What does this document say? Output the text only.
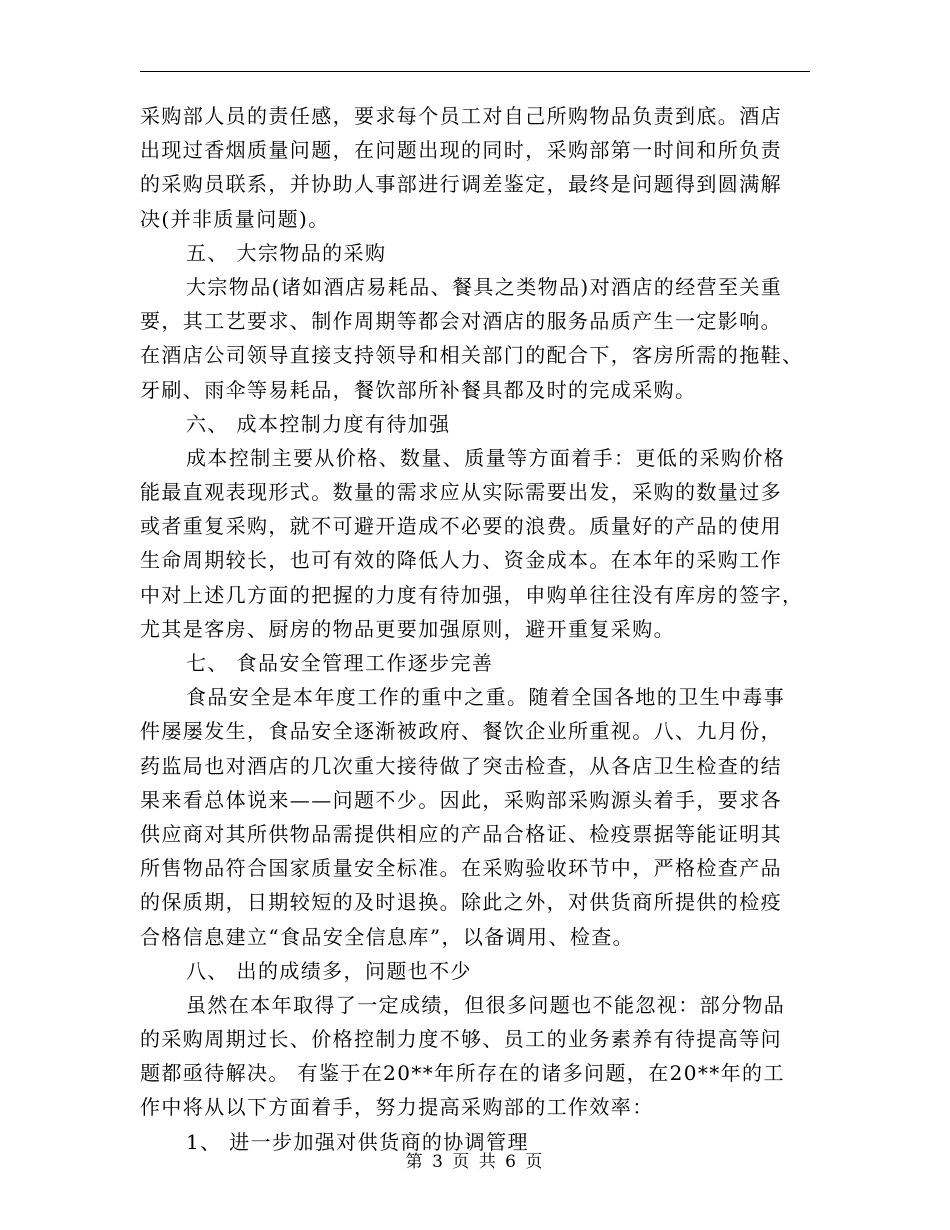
采购部人员的责任感，要求每个员工对自己所购物品负责到底。酒店
出现过香烟质量问题，在问题出现的同时，采购部第一时间和所负责
的采购员联系，并协助人事部进行调差鉴定，最终是问题得到圆满解
决(并非质量问题)。
五、 大宗物品的采购
大宗物品(诸如酒店易耗品、餐具之类物品)对酒店的经营至关重
要，其工艺要求、制作周期等都会对酒店的服务品质产生一定影响。
在酒店公司领导直接支持领导和相关部门的配合下，客房所需的拖鞋、
牙刷、雨伞等易耗品，餐饮部所补餐具都及时的完成采购。
六、 成本控制力度有待加强
成本控制主要从价格、数量、质量等方面着手：更低的采购价格
能最直观表现形式。数量的需求应从实际需要出发，采购的数量过多
或者重复采购，就不可避开造成不必要的浪费。质量好的产品的使用
生命周期较长，也可有效的降低人力、资金成本。在本年的采购工作
中对上述几方面的把握的力度有待加强，申购单往往没有库房的签字，
尤其是客房、厨房的物品更要加强原则，避开重复采购。
七、 食品安全管理工作逐步完善
食品安全是本年度工作的重中之重。随着全国各地的卫生中毒事
件屡屡发生，食品安全逐渐被政府、餐饮企业所重视。八、九月份，
药监局也对酒店的几次重大接待做了突击检查，从各店卫生检查的结
果来看总体说来——问题不少。因此，采购部采购源头着手，要求各
供应商对其所供物品需提供相应的产品合格证、检疫票据等能证明其
所售物品符合国家质量安全标准。在采购验收环节中，严格检查产品
的保质期，日期较短的及时退换。除此之外，对供货商所提供的检疫
合格信息建立“食品安全信息库”，以备调用、检查。
八、 出的成绩多，问题也不少
虽然在本年取得了一定成绩，但很多问题也不能忽视：部分物品
的采购周期过长、价格控制力度不够、员工的业务素养有待提高等问
题都亟待解决。 有鉴于在20**年所存在的诸多问题，在20**年的工
作中将从以下方面着手，努力提高采购部的工作效率：
1、 进一步加强对供货商的协调管理
第 3 页 共 6 页
